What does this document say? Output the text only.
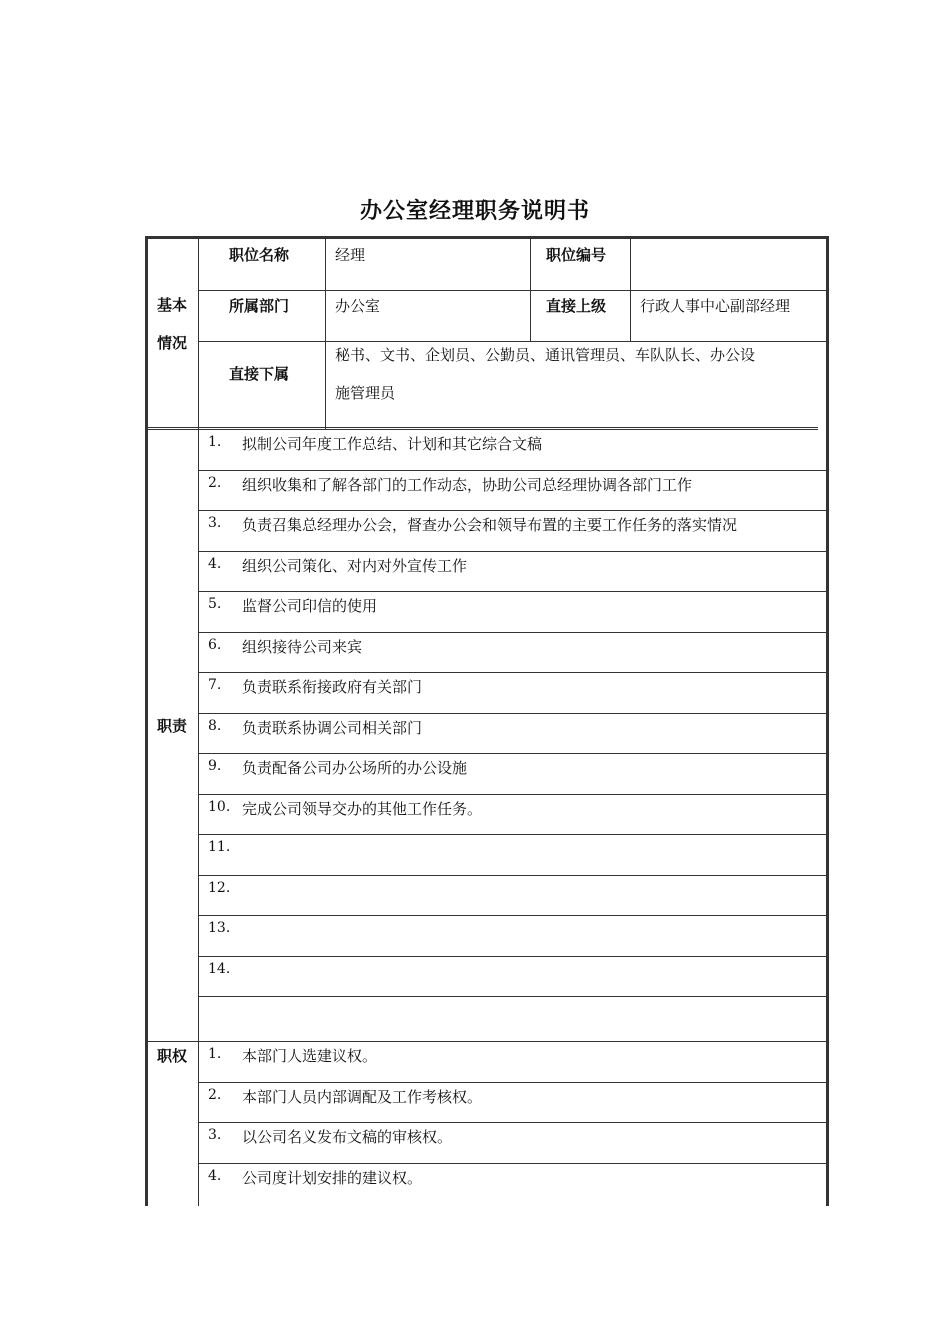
办公室经理职务说明书
基本
情况
职位名称	经理	职位编号
所属部门	办公室	直接上级 行政人事中心副部经理
直接下属
秘书、文书、企划员、公勤员、通讯管理员、车队队长、办公设
施管理员
1. 拟制公司年度工作总结、计划和其它综合文稿
2. 组织收集和了解各部门的工作动态，协助公司总经理协调各部门工作
3. 负责召集总经理办公会，督查办公会和领导布置的主要工作任务的落实情况
4. 组织公司策化、对内对外宣传工作
5. 监督公司印信的使用
6. 组织接待公司来宾
7. 负责联系衔接政府有关部门
8. 负责联系协调公司相关部门
9. 负责配备公司办公场所的办公设施
10. 完成公司领导交办的其他工作任务。
11.
12.
13.
14.
1. 本部门人选建议权。
2. 本部门人员内部调配及工作考核权。
3. 以公司名义发布文稿的审核权。
4. 公司度计划安排的建议权。
职责
职权
